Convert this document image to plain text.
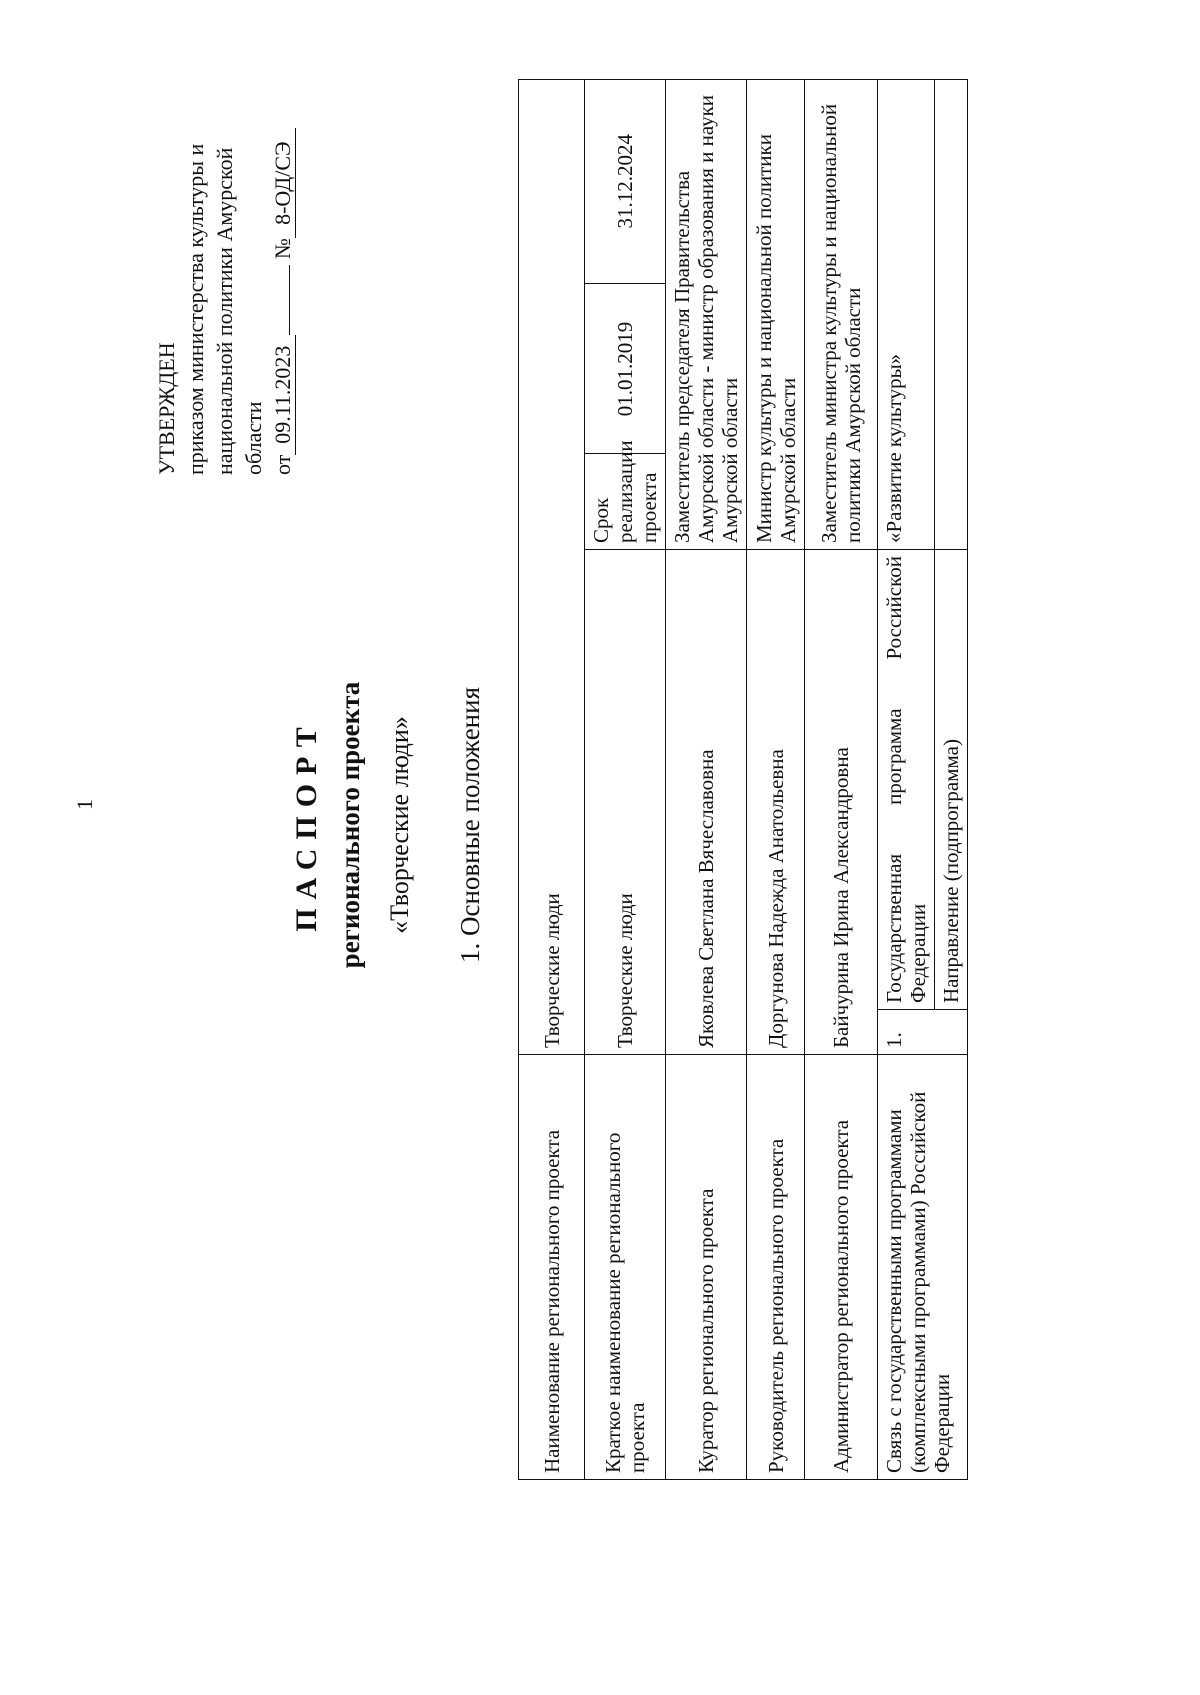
1
УТВЕРЖДЕН приказом министерства культуры и национальной политики Амурской области от09.11.2023 №8-ОД/СЭ
ПАСПОРТ регионального проекта «Творческие люди» 1. Основные положения
Наименование регионального проекта	Творческие люди
Краткое наименование регионального проекта	Творческие люди	
Срок реализации проекта	01.01.2019	31.12.2024

Куратор регионального проекта	Яковлева Светлана Вячеславовна	Заместитель председателя Правительства Амурской области - министр образования и науки Амурской области
Руководитель регионального проекта	Доргунова Надежда Анатольевна	Министр культуры и национальной политики Амурской области
Администратор регионального проекта	Байчурина Ирина Александровна	Заместитель министра культуры и национальной политики Амурской области
Связь с государственными программами (комплексными программами) Российской Федерации	1.	Государственная программа Российской Федерации	«Развитие культуры»
Направление (подпрограмма)	
